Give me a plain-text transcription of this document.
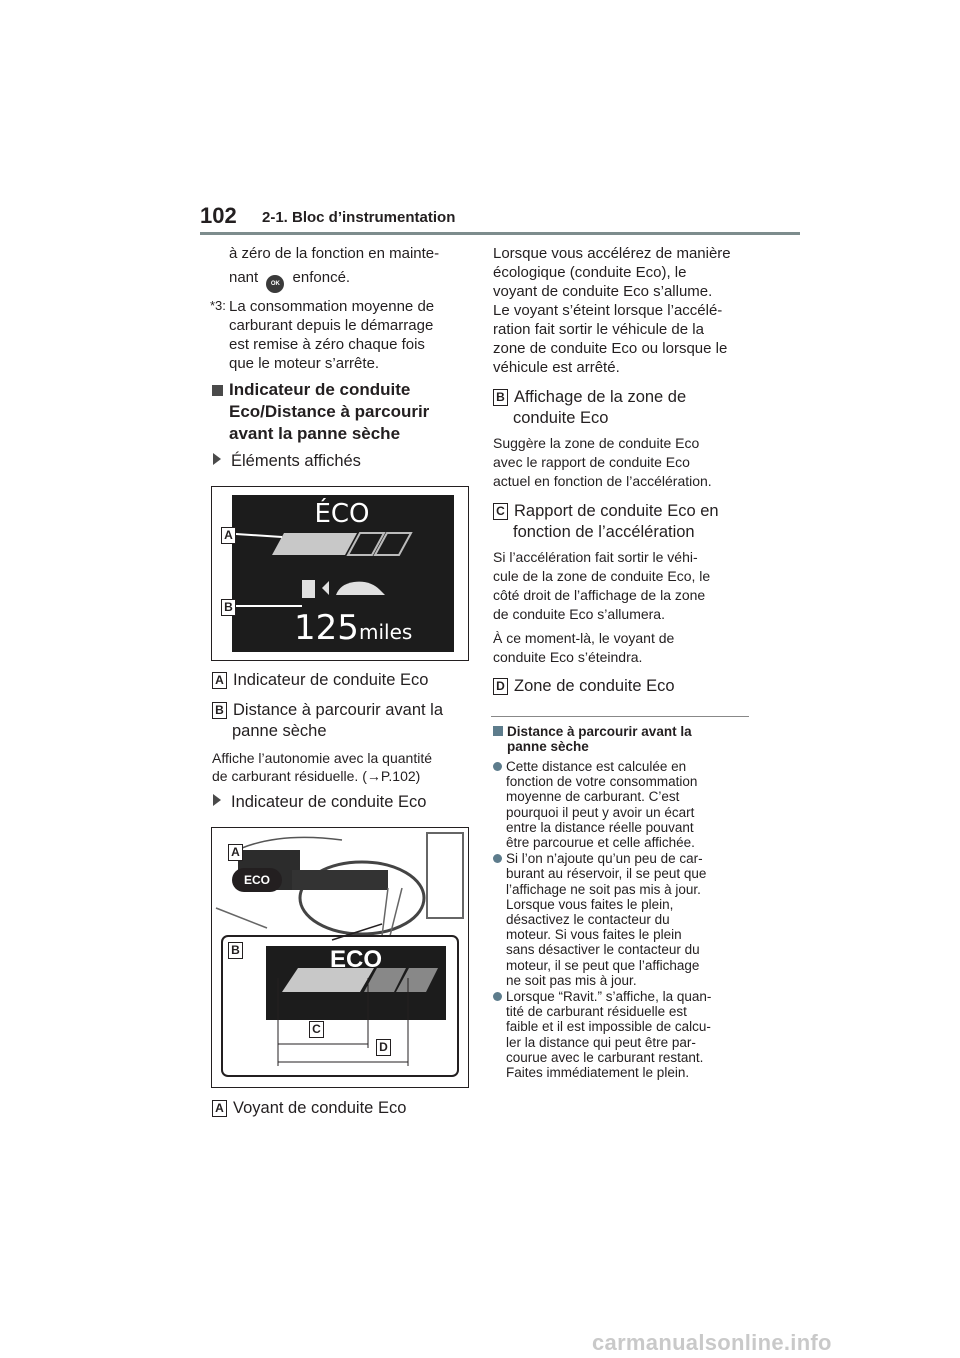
102 2-1. Bloc d’instrumentation
à zéro de la fonction en mainte-
nant OK enfoncé.
*3: La consommation moyenne de
carburant depuis le démarrage
est remise à zéro chaque fois
que le moteur s’arrête.
Indicateur de conduite
Eco/Distance à parcourir
avant la panne sèche
Éléments affichés
ÉCO
125 miles
A
B
A Indicateur de conduite Eco
B Distance à parcourir avant la
panne sèche
Affiche l’autonomie avec la quantité
de carburant résiduelle. (→P.102)
Indicateur de conduite Eco
ECO
ECO
A
B
C
D
A Voyant de conduite Eco
Lorsque vous accélérez de manière
écologique (conduite Eco), le
voyant de conduite Eco s’allume.
Le voyant s’éteint lorsque l’accélé-
ration fait sortir le véhicule de la
zone de conduite Eco ou lorsque le
véhicule est arrêté.
B Affichage de la zone de
conduite Eco
Suggère la zone de conduite Eco
avec le rapport de conduite Eco
actuel en fonction de l’accélération.
C Rapport de conduite Eco en
fonction de l’accélération
Si l’accélération fait sortir le véhi-
cule de la zone de conduite Eco, le
côté droit de l’affichage de la zone
de conduite Eco s’allumera.
À ce moment-là, le voyant de
conduite Eco s’éteindra.
D Zone de conduite Eco
Distance à parcourir avant la
panne sèche
Cette distance est calculée en
fonction de votre consommation
moyenne de carburant. C’est
pourquoi il peut y avoir un écart
entre la distance réelle pouvant
être parcourue et celle affichée.
Si l’on n’ajoute qu’un peu de car-
burant au réservoir, il se peut que
l’affichage ne soit pas mis à jour.
Lorsque vous faites le plein,
désactivez le contacteur du
moteur. Si vous faites le plein
sans désactiver le contacteur du
moteur, il se peut que l’affichage
ne soit pas mis à jour.
Lorsque “Ravit.” s’affiche, la quan-
tité de carburant résiduelle est
faible et il est impossible de calcu-
ler la distance qui peut être par-
courue avec le carburant restant.
Faites immédiatement le plein.
carmanualsonline.info
